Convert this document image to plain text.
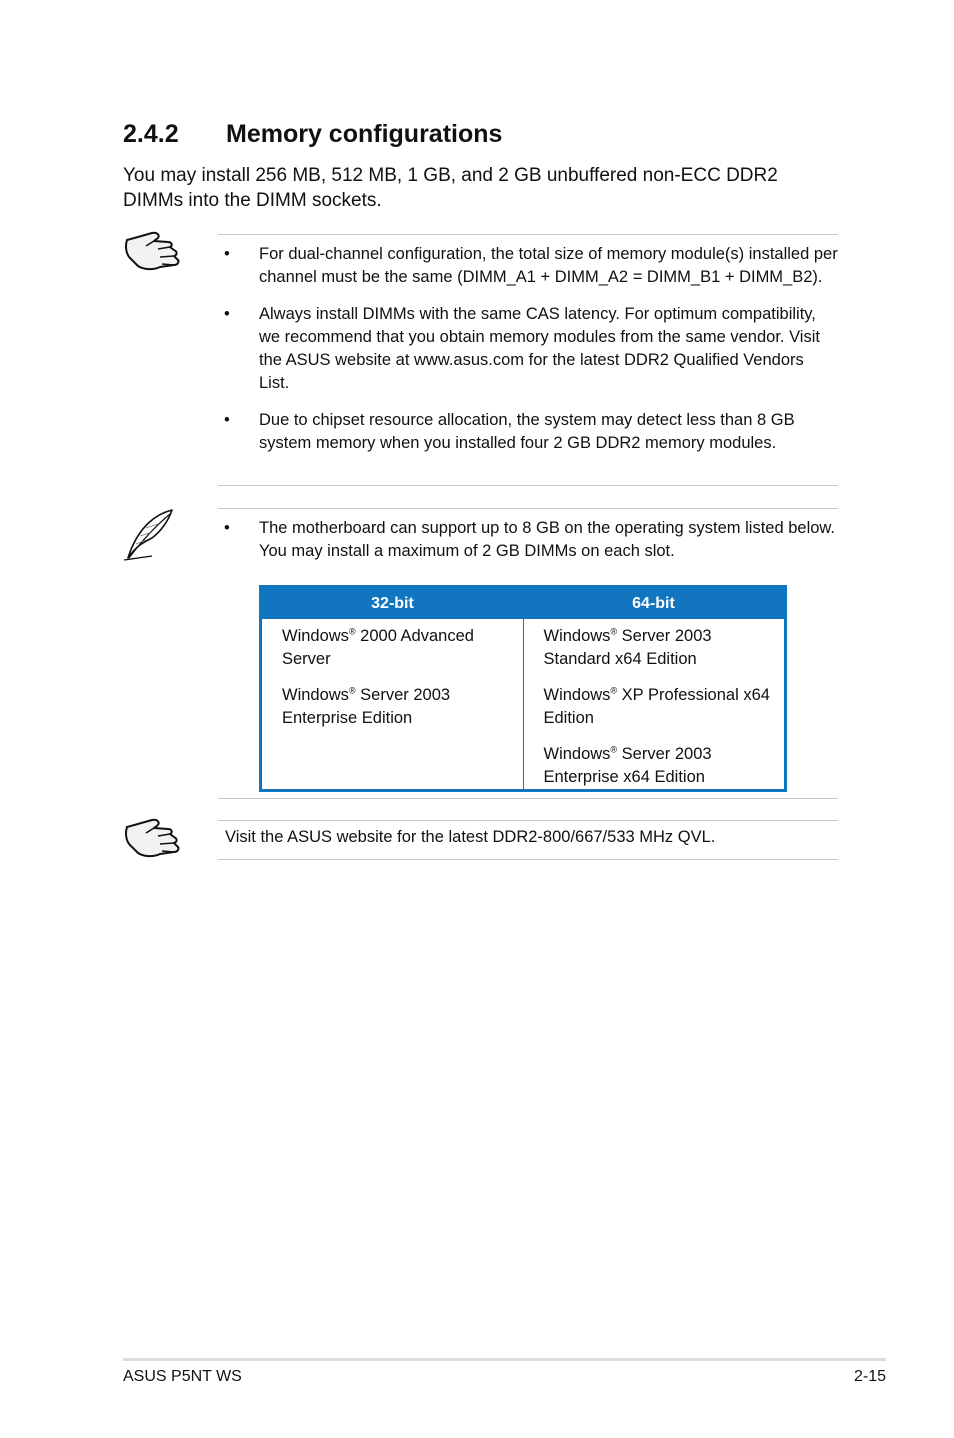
2.4.2 Memory configurations

You may install 256 MB, 512 MB, 1 GB, and 2 GB unbuffered non-ECC DDR2 DIMMs into the DIMM sockets.

• For dual-channel configuration, the total size of memory module(s) installed per channel must be the same (DIMM_A1 + DIMM_A2 = DIMM_B1 + DIMM_B2).
• Always install DIMMs with the same CAS latency. For optimum compatibility, we recommend that you obtain memory modules from the same vendor. Visit the ASUS website at www.asus.com for the latest DDR2 Qualified Vendors List.
• Due to chipset resource allocation, the system may detect less than 8 GB system memory when you installed four 2 GB DDR2 memory modules.
• The motherboard can support up to 8 GB on the operating system listed below. You may install a maximum of 2 GB DIMMs on each slot.
32-bit	64-bit

Windows® 2000 Advanced Server

Windows® Server 2003 Enterprise Edition

Windows® Server 2003 Standard x64 Edition

Windows® XP Professional x64 Edition

Windows® Server 2003 Enterprise x64 Edition

Visit the ASUS website for the latest DDR2-800/667/533 MHz QVL.

ASUS P5NT WS	2-15
